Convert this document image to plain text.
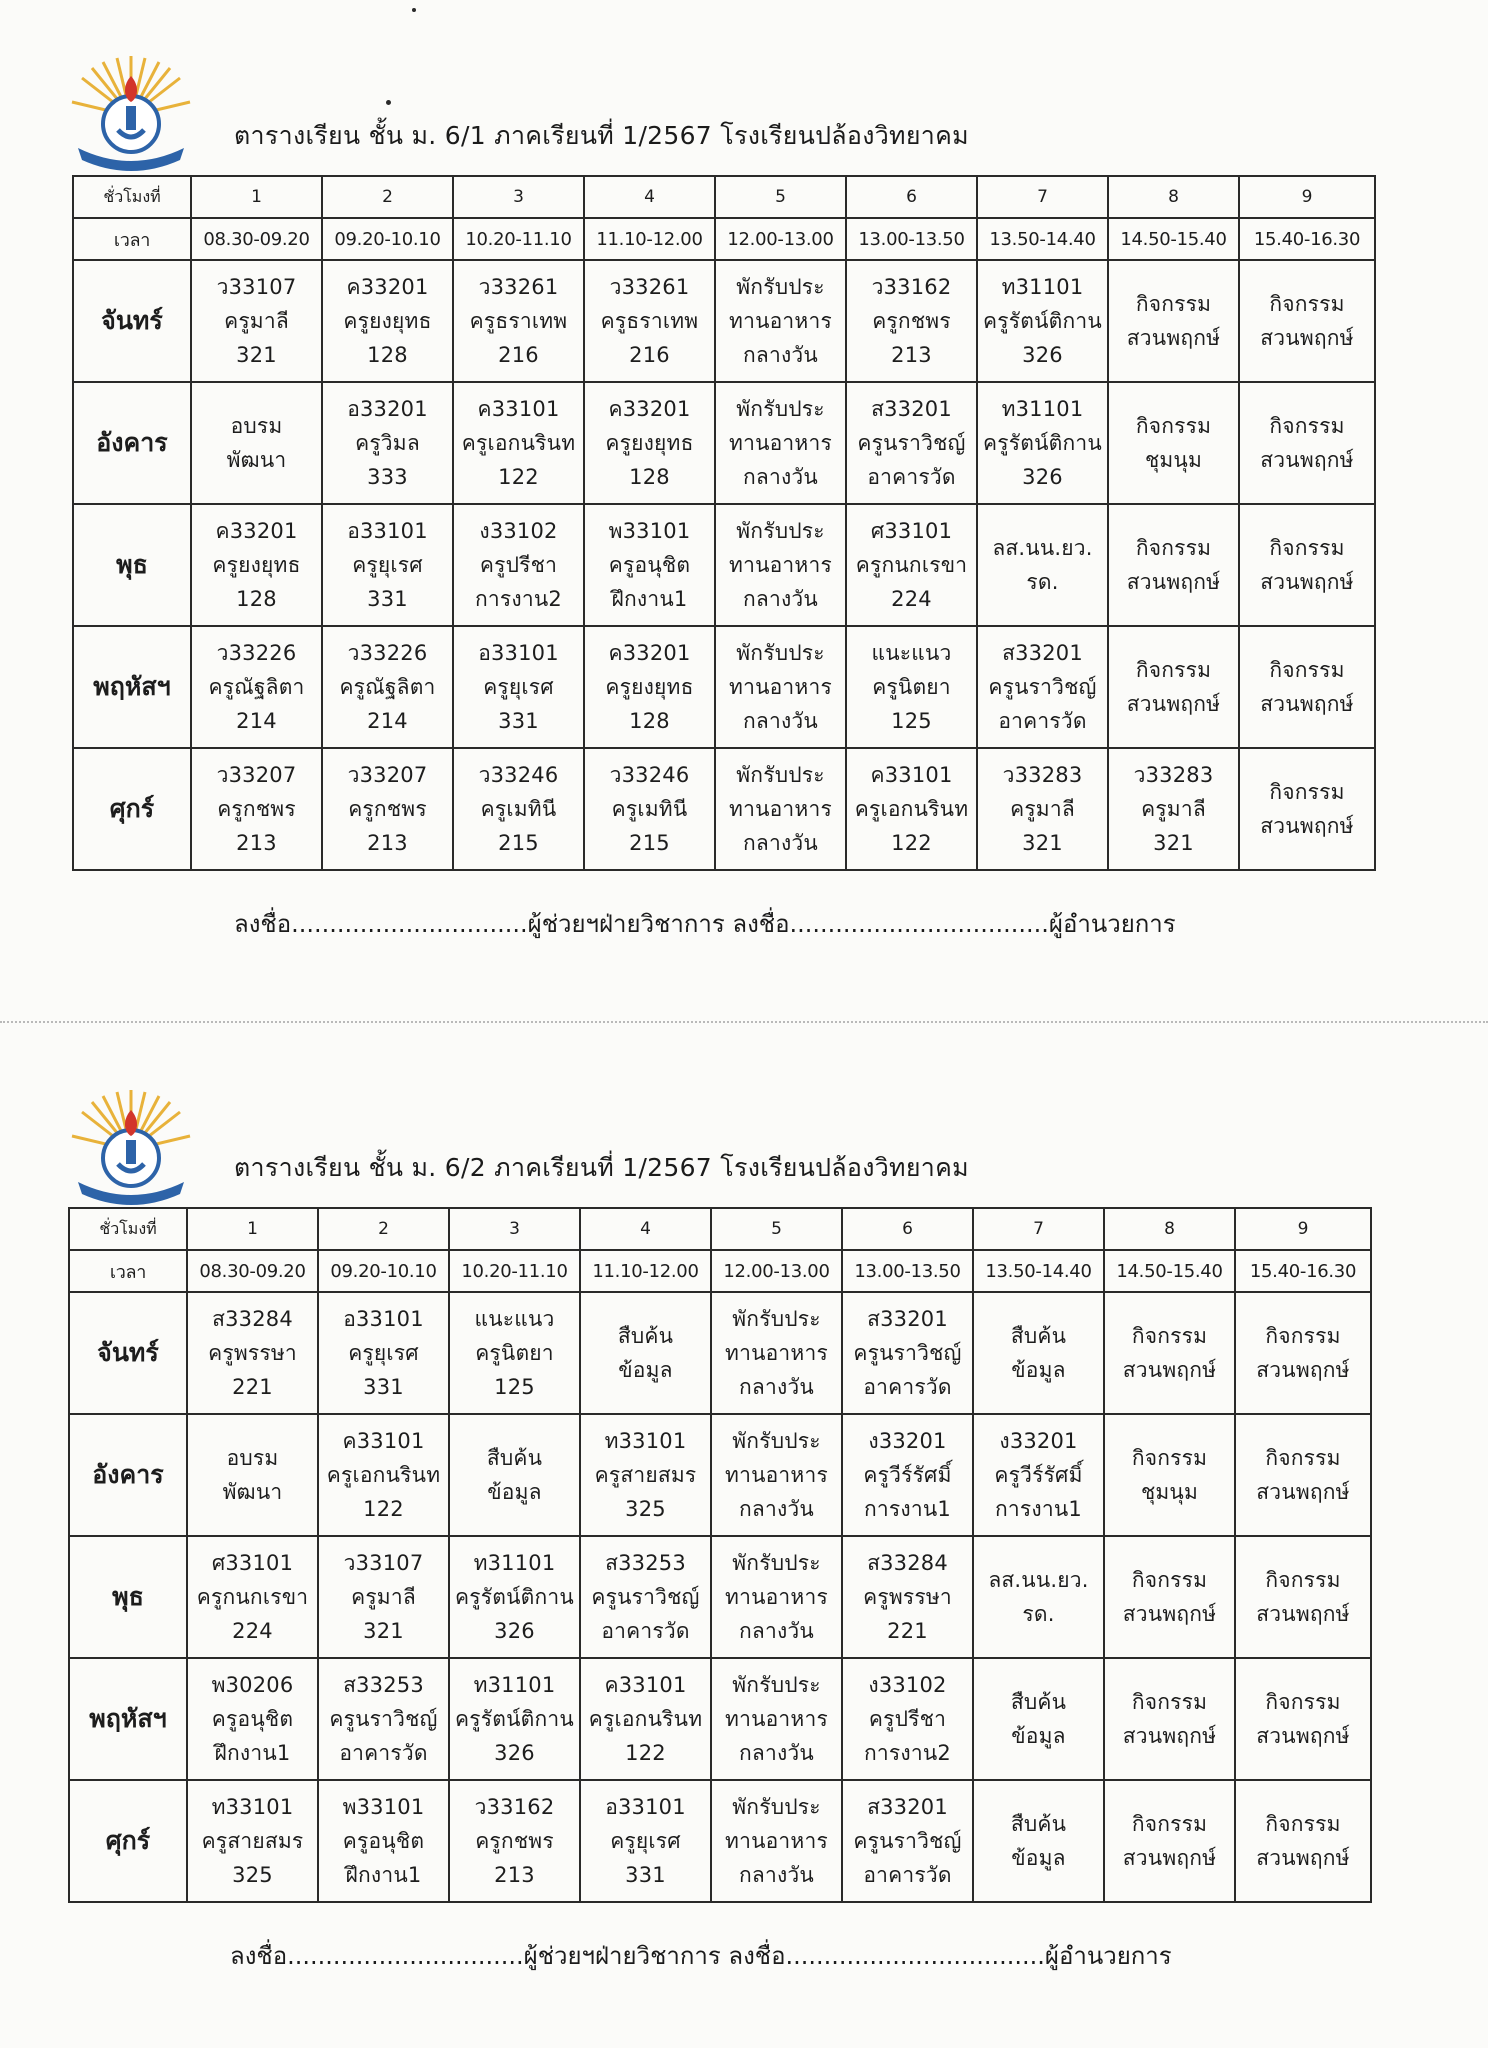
ตารางเรียน ชั้น ม. 6/1 ภาคเรียนที่ 1/2567 โรงเรียนปล้องวิทยาคม
ชั่วโมงที่	1	2	3	4	5	6	7	8	9
เวลา	08.30-09.20	09.20-10.10	10.20-11.10	11.10-12.00	12.00-13.00	13.00-13.50	13.50-14.40	14.50-15.40	15.40-16.30
จันทร์	ว33107
ครูมาลี
321	ค33201
ครูยงยุทธ
128	ว33261
ครูธราเทพ
216	ว33261
ครูธราเทพ
216	พักรับประ
ทานอาหาร
กลางวัน	ว33162
ครูกชพร
213	ท31101
ครูรัตน์ติกาน
326	กิจกรรม
สวนพฤกษ์	กิจกรรม
สวนพฤกษ์

อังคาร	อบรม
พัฒนา	อ33201
ครูวิมล
333	ค33101
ครูเอกนรินท
122	ค33201
ครูยงยุทธ
128	พักรับประ
ทานอาหาร
กลางวัน	ส33201
ครูนราวิชญ์
อาคารวัด	ท31101
ครูรัตน์ติกาน
326	กิจกรรม
ชุมนุม	กิจกรรม
สวนพฤกษ์

พุธ	ค33201
ครูยงยุทธ
128	อ33101
ครูยุเรศ
331	ง33102
ครูปรีชา
การงาน2	พ33101
ครูอนุชิต
ฝึกงาน1	พักรับประ
ทานอาหาร
กลางวัน	ศ33101
ครูกนกเรขา
224	ลส.นน.ยว.
รด.	กิจกรรม
สวนพฤกษ์	กิจกรรม
สวนพฤกษ์

พฤหัสฯ	ว33226
ครูณัฐลิตา
214	ว33226
ครูณัฐลิตา
214	อ33101
ครูยุเรศ
331	ค33201
ครูยงยุทธ
128	พักรับประ
ทานอาหาร
กลางวัน	แนะแนว
ครูนิตยา
125	ส33201
ครูนราวิชญ์
อาคารวัด	กิจกรรม
สวนพฤกษ์	กิจกรรม
สวนพฤกษ์

ศุกร์	ว33207
ครูกชพร
213	ว33207
ครูกชพร
213	ว33246
ครูเมทินี
215	ว33246
ครูเมทินี
215	พักรับประ
ทานอาหาร
กลางวัน	ค33101
ครูเอกนรินท
122	ว33283
ครูมาลี
321	ว33283
ครูมาลี
321	กิจกรรม
สวนพฤกษ์
ลงชื่อ...............................ผู้ช่วยฯฝ่ายวิชาการ ลงชื่อ..................................ผู้อำนวยการ
ตารางเรียน ชั้น ม. 6/2 ภาคเรียนที่ 1/2567 โรงเรียนปล้องวิทยาคม
ชั่วโมงที่	1	2	3	4	5	6	7	8	9
เวลา	08.30-09.20	09.20-10.10	10.20-11.10	11.10-12.00	12.00-13.00	13.00-13.50	13.50-14.40	14.50-15.40	15.40-16.30
จันทร์	ส33284
ครูพรรษา
221	อ33101
ครูยุเรศ
331	แนะแนว
ครูนิตยา
125	สืบค้น
ข้อมูล	พักรับประ
ทานอาหาร
กลางวัน	ส33201
ครูนราวิชญ์
อาคารวัด	สืบค้น
ข้อมูล	กิจกรรม
สวนพฤกษ์	กิจกรรม
สวนพฤกษ์

อังคาร	อบรม
พัฒนา	ค33101
ครูเอกนรินท
122	สืบค้น
ข้อมูล	ท33101
ครูสายสมร
325	พักรับประ
ทานอาหาร
กลางวัน	ง33201
ครูวีร์รัศมิ์
การงาน1	ง33201
ครูวีร์รัศมิ์
การงาน1	กิจกรรม
ชุมนุม	กิจกรรม
สวนพฤกษ์

พุธ	ศ33101
ครูกนกเรขา
224	ว33107
ครูมาลี
321	ท31101
ครูรัตน์ติกาน
326	ส33253
ครูนราวิชญ์
อาคารวัด	พักรับประ
ทานอาหาร
กลางวัน	ส33284
ครูพรรษา
221	ลส.นน.ยว.
รด.	กิจกรรม
สวนพฤกษ์	กิจกรรม
สวนพฤกษ์

พฤหัสฯ	พ30206
ครูอนุชิต
ฝึกงาน1	ส33253
ครูนราวิชญ์
อาคารวัด	ท31101
ครูรัตน์ติกาน
326	ค33101
ครูเอกนรินท
122	พักรับประ
ทานอาหาร
กลางวัน	ง33102
ครูปรีชา
การงาน2	สืบค้น
ข้อมูล	กิจกรรม
สวนพฤกษ์	กิจกรรม
สวนพฤกษ์

ศุกร์	ท33101
ครูสายสมร
325	พ33101
ครูอนุชิต
ฝึกงาน1	ว33162
ครูกชพร
213	อ33101
ครูยุเรศ
331	พักรับประ
ทานอาหาร
กลางวัน	ส33201
ครูนราวิชญ์
อาคารวัด	สืบค้น
ข้อมูล	กิจกรรม
สวนพฤกษ์	กิจกรรม
สวนพฤกษ์
ลงชื่อ...............................ผู้ช่วยฯฝ่ายวิชาการ ลงชื่อ..................................ผู้อำนวยการ
